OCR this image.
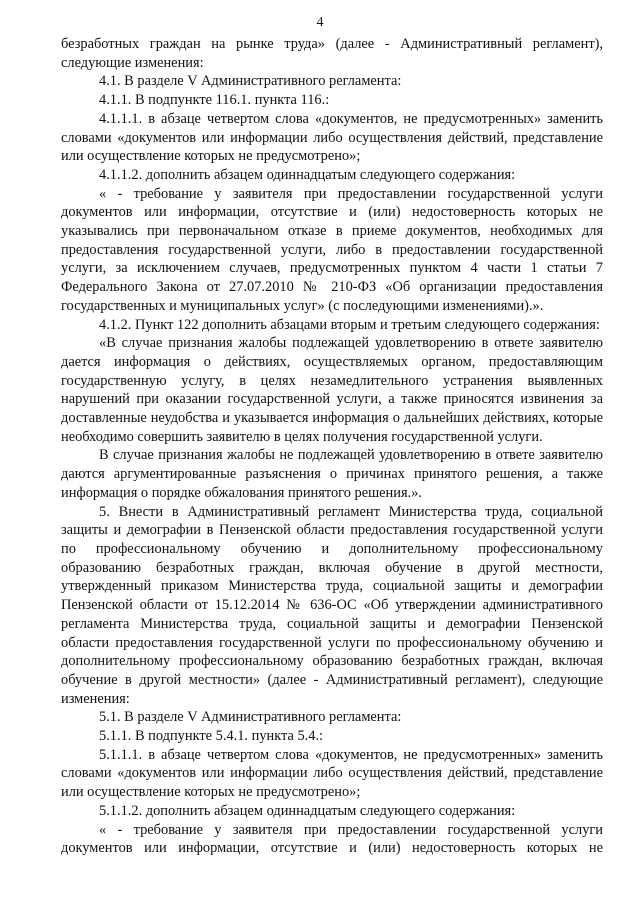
4

безработных граждан на рынке труда» (далее - Административный регламент), следующие изменения:

4.1. В разделе V Административного регламента:

4.1.1. В подпункте 116.1. пункта 116.:

4.1.1.1. в абзаце четвертом слова «документов, не предусмотренных» заменить словами «документов или информации либо осуществления действий, представление или осуществление которых не предусмотрено»;

4.1.1.2. дополнить абзацем одиннадцатым следующего содержания:

« - требование у заявителя при предоставлении государственной услуги документов или информации, отсутствие и (или) недостоверность которых не указывались при первоначальном отказе в приеме документов, необходимых для предоставления государственной услуги, либо в предоставлении государственной услуги, за исключением случаев, предусмотренных пунктом 4 части 1 статьи 7 Федерального Закона от 27.07.2010 № 210-ФЗ «Об организации предоставления государственных и муниципальных услуг» (с последующими изменениями).».

4.1.2. Пункт 122 дополнить абзацами вторым и третьим следующего содержания:

«В случае признания жалобы подлежащей удовлетворению в ответе заявителю дается информация о действиях, осуществляемых органом, предоставляющим государственную услугу, в целях незамедлительного устранения выявленных нарушений при оказании государственной услуги, а также приносятся извинения за доставленные неудобства и указывается информация о дальнейших действиях, которые необходимо совершить заявителю в целях получения государственной услуги.

В случае признания жалобы не подлежащей удовлетворению в ответе заявителю даются аргументированные разъяснения о причинах принятого решения, а также информация о порядке обжалования принятого решения.».

5. Внести в Административный регламент Министерства труда, социальной защиты и демографии в Пензенской области предоставления государственной услуги по профессиональному обучению и дополнительному профессиональному образованию безработных граждан, включая обучение в другой местности, утвержденный приказом Министерства труда, социальной защиты и демографии Пензенской области от 15.12.2014 № 636-ОС «Об утверждении административного регламента Министерства труда, социальной защиты и демографии Пензенской области предоставления государственной услуги по профессиональному обучению и дополнительному профессиональному образованию безработных граждан, включая обучение в другой местности» (далее - Административный регламент), следующие изменения:

5.1. В разделе V Административного регламента:

5.1.1. В подпункте 5.4.1. пункта 5.4.:

5.1.1.1. в абзаце четвертом слова «документов, не предусмотренных» заменить словами «документов или информации либо осуществления действий, представление или осуществление которых не предусмотрено»;

5.1.1.2. дополнить абзацем одиннадцатым следующего содержания:

« - требование у заявителя при предоставлении государственной услуги документов или информации, отсутствие и (или) недостоверность которых не
